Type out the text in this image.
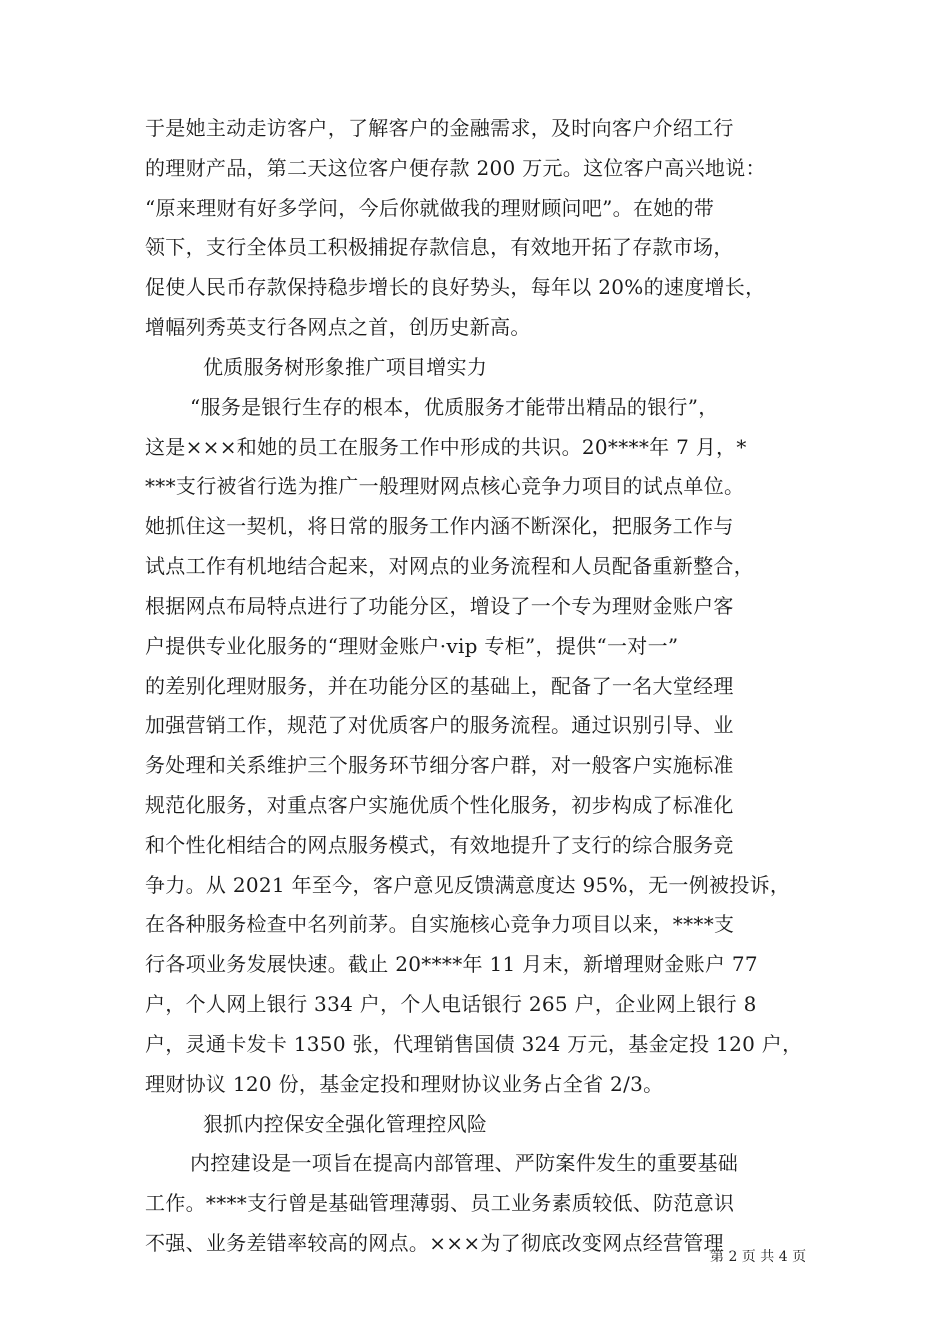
于是她主动走访客户，了解客户的金融需求，及时向客户介绍工行
的理财产品，第二天这位客户便存款 200 万元。这位客户高兴地说：
“原来理财有好多学问，今后你就做我的理财顾问吧”。在她的带
领下，支行全体员工积极捕捉存款信息，有效地开拓了存款市场，
促使人民币存款保持稳步增长的良好势头，每年以 20%的速度增长，
增幅列秀英支行各网点之首，创历史新高。
优质服务树形象推广项目增实力
“服务是银行生存的根本，优质服务才能带出精品的银行”，
这是×××和她的员工在服务工作中形成的共识。20****年 7 月，*
***支行被省行选为推广一般理财网点核心竞争力项目的试点单位。
她抓住这一契机，将日常的服务工作内涵不断深化，把服务工作与
试点工作有机地结合起来，对网点的业务流程和人员配备重新整合，
根据网点布局特点进行了功能分区，增设了一个专为理财金账户客
户提供专业化服务的“理财金账户·vip 专柜”，提供“一对一”
的差别化理财服务，并在功能分区的基础上，配备了一名大堂经理
加强营销工作，规范了对优质客户的服务流程。通过识别引导、业
务处理和关系维护三个服务环节细分客户群，对一般客户实施标准
规范化服务，对重点客户实施优质个性化服务，初步构成了标准化
和个性化相结合的网点服务模式，有效地提升了支行的综合服务竞
争力。从 2021 年至今，客户意见反馈满意度达 95%，无一例被投诉，
在各种服务检查中名列前茅。自实施核心竞争力项目以来，****支
行各项业务发展快速。截止 20****年 11 月末，新增理财金账户 77
户，个人网上银行 334 户，个人电话银行 265 户，企业网上银行 8
户，灵通卡发卡 1350 张，代理销售国债 324 万元，基金定投 120 户，
理财协议 120 份，基金定投和理财协议业务占全省 2/3。
狠抓内控保安全强化管理控风险
内控建设是一项旨在提高内部管理、严防案件发生的重要基础
工作。****支行曾是基础管理薄弱、员工业务素质较低、防范意识
不强、业务差错率较高的网点。×××为了彻底改变网点经营管理
第 2 页 共 4 页
